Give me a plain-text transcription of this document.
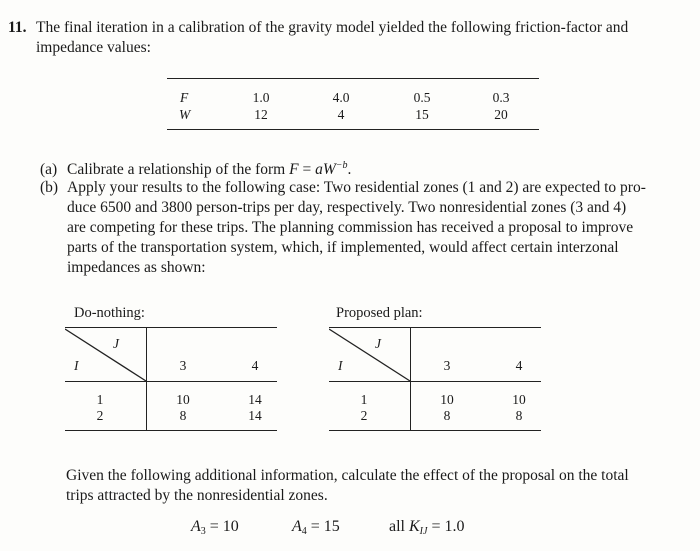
11. The final iteration in a calibration of the gravity model yielded the following friction-factor and
impedance values:
F	1.0	4.0	0.5	0.3
W	12	4	15	20
(a) Calibrate a relationship of the form $F = aW^{-b}$.
(b) Apply your results to the following case: Two residential zones (1 and 2) are expected to pro-
duce 6500 and 3800 person-trips per day, respectively. Two nonresidential zones (3 and 4)
are competing for these trips. The planning commission has received a proposal to improve
parts of the transportation system, which, if implemented, would affect certain interzonal
impedances as shown:
Do-nothing:
J
I	3	4
1	10	14
2	8	14
Proposed plan:
J
I	3	4
1	10	10
2	8	8
Given the following additional information, calculate the effect of the proposal on the total
trips attracted by the nonresidential zones.
$A_3 = 10$	$A_4 = 15$	all $K_{IJ} = 1.0$
